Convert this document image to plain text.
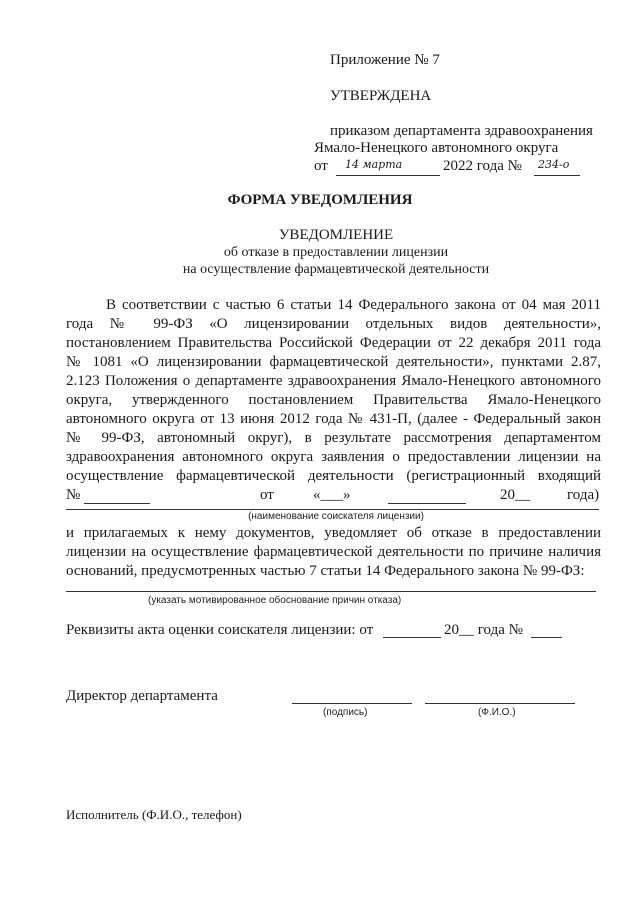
Приложение № 7
УТВЕРЖДЕНА
приказом департамента здравоохранения
Ямало-Ненецкого автономного округа
от 14 марта	2022 года № 234-о
ФОРМА УВЕДОМЛЕНИЯ
УВЕДОМЛЕНИЕ
об отказе в предоставлении лицензии
на осуществление фармацевтической деятельности
В соответствии с частью 6 статьи 14 Федерального закона от 04 мая 2011
года № 99-ФЗ «О лицензировании отдельных видов деятельности»,
постановлением Правительства Российской Федерации от 22 декабря 2011 года
№ 1081 «О лицензировании фармацевтической деятельности», пунктами 2.87,
2.123 Положения о департаменте здравоохранения Ямало-Ненецкого автономного
округа, утвержденного постановлением Правительства Ямало-Ненецкого
автономного округа от 13 июня 2012 года № 431-П, (далее - Федеральный закон
№ 99-ФЗ, автономный округ), в результате рассмотрения департаментом
здравоохранения автономного округа заявления о предоставлении лицензии на
осуществление фармацевтической деятельности (регистрационный входящий
№	от	«___»	20__ года)
(наименование соискателя лицензии)
и прилагаемых к нему документов, уведомляет об отказе в предоставлении
лицензии на осуществление фармацевтической деятельности по причине наличия
оснований, предусмотренных частью 7 статьи 14 Федерального закона № 99-ФЗ:
(указать мотивированное обоснование причин отказа)
Реквизиты акта оценки соискателя лицензии: от	20__ года №
Директор департамента
(подпись)	(Ф.И.О.)
Исполнитель (Ф.И.О., телефон)
